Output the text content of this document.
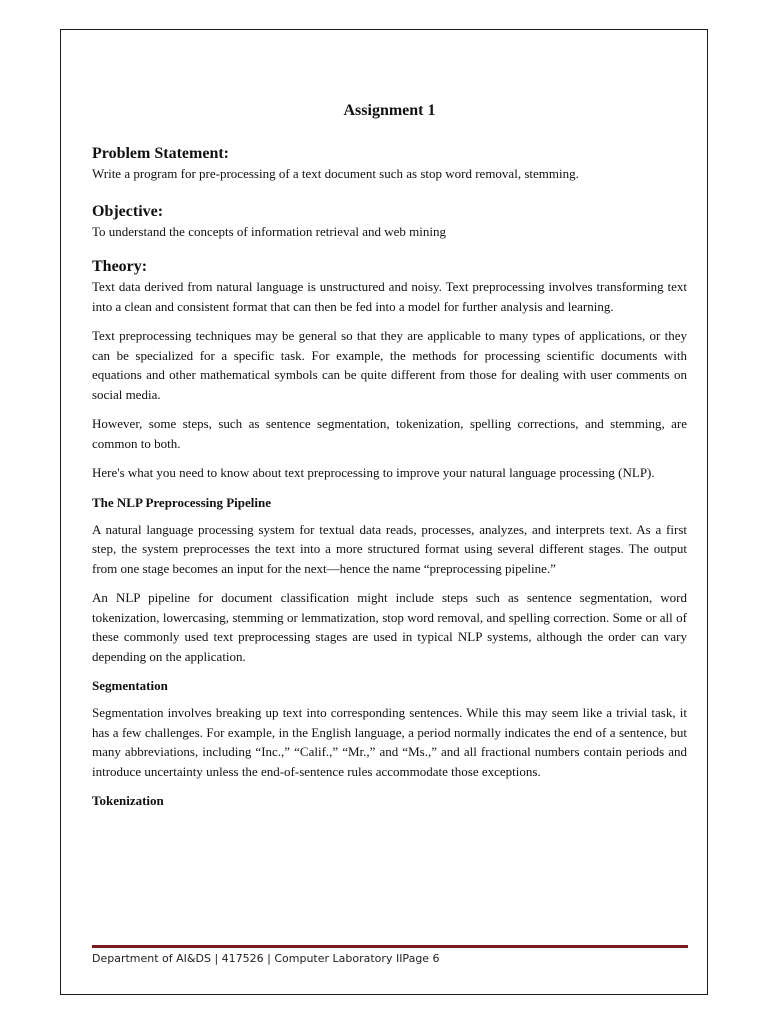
Assignment 1
Problem Statement:

Write a program for pre-processing of a text document such as stop word removal, stemming.

Objective:

To understand the concepts of information retrieval and web mining

Theory:

Text data derived from natural language is unstructured and noisy. Text preprocessing involves transforming text into a clean and consistent format that can then be fed into a model for further analysis and learning.

Text preprocessing techniques may be general so that they are applicable to many types of applications, or they can be specialized for a specific task. For example, the methods for processing scientific documents with equations and other mathematical symbols can be quite different from those for dealing with user comments on social media.

However, some steps, such as sentence segmentation, tokenization, spelling corrections, and stemming, are common to both.

Here's what you need to know about text preprocessing to improve your natural language processing (NLP).

The NLP Preprocessing Pipeline

A natural language processing system for textual data reads, processes, analyzes, and interprets text. As a first step, the system preprocesses the text into a more structured format using several different stages. The output from one stage becomes an input for the next—hence the name “preprocessing pipeline.”

An NLP pipeline for document classification might include steps such as sentence segmentation, word tokenization, lowercasing, stemming or lemmatization, stop word removal, and spelling correction. Some or all of these commonly used text preprocessing stages are used in typical NLP systems, although the order can vary depending on the application.

Segmentation

Segmentation involves breaking up text into corresponding sentences. While this may seem like a trivial task, it has a few challenges. For example, in the English language, a period normally indicates the end of a sentence, but many abbreviations, including “Inc.,” “Calif.,” “Mr.,” and “Ms.,” and all fractional numbers contain periods and introduce uncertainty unless the end-of-sentence rules accommodate those exceptions.

Tokenization
Department of AI&DS | 417526 | Computer Laboratory IIPage 6
